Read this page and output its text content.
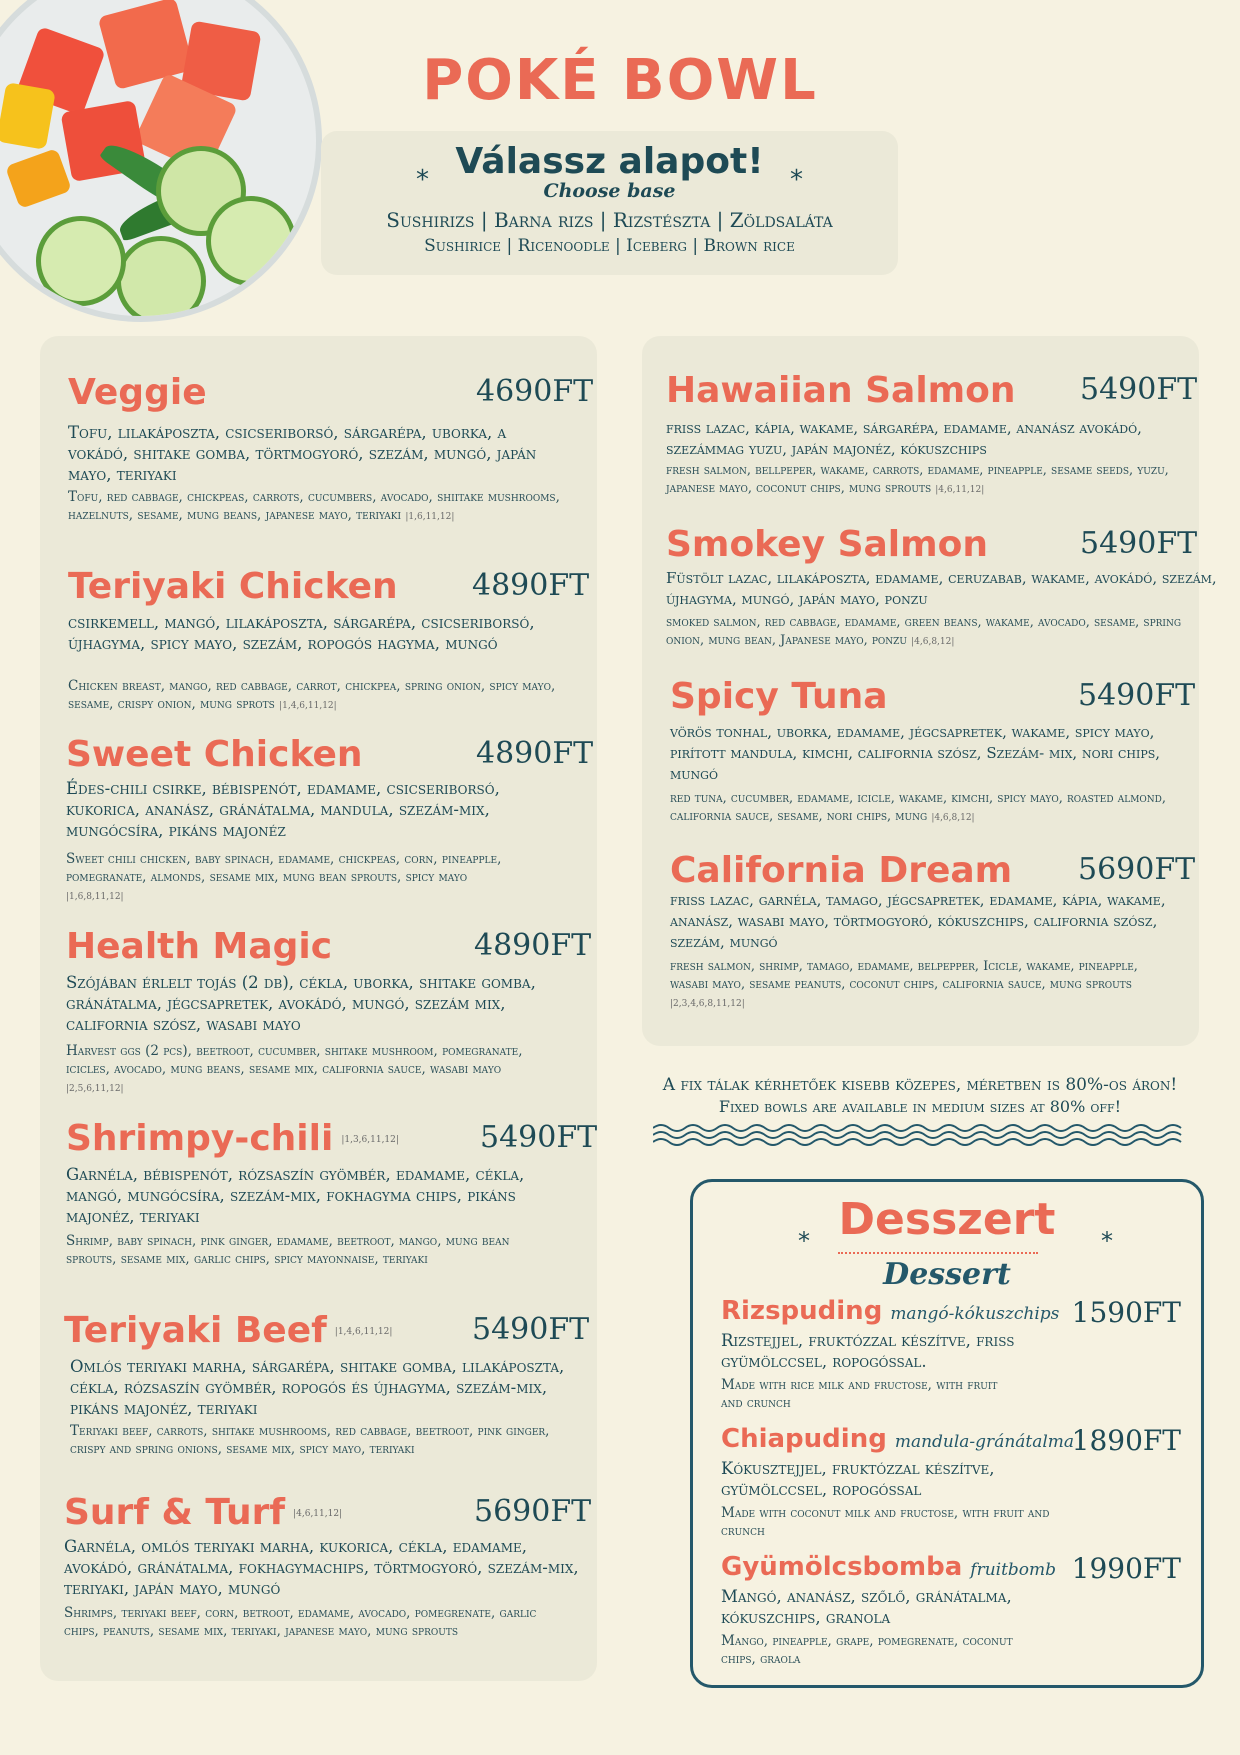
POKÉ BOWL
*	*
Válassz alapot!
Choose base
Sushirizs | Barna rizs | Rizstészta | Zöldsaláta
Sushirice | Ricenoodle | Iceberg | Brown rice
Veggie	4690FT
Tofu, lilakáposzta, csicseriborsó, sárgarépa, uborka, a vokádó, shitake gomba, törtmogyoró, szezám, mungó, japán mayo, teriyaki
Tofu, red cabbage, chickpeas, carrots, cucumbers, avocado, shiitake mushrooms, hazelnuts, sesame, mung beans, japanese mayo, teriyaki |1,6,11,12|
Teriyaki Chicken 4890FT
csirkemell, mangó, lilakáposzta, sárgarépa, csicseriborsó, újhagyma, spicy mayo, szezám, ropogós hagyma, mungó
Chicken breast, mango, red cabbage, carrot, chickpea, spring onion, spicy mayo, sesame, crispy onion, mung sprots |1,4,6,11,12|
Sweet Chicken	4890FT
Édes-chili csirke, bébispenót, edamame, csicseriborsó, kukorica, ananász, gránátalma, mandula, szezám-mix, mungócsíra, pikáns majonéz
Sweet chili chicken, baby spinach, edamame, chickpeas, corn, pineapple, pomegranate, almonds, sesame mix, mung bean sprouts, spicy mayo |1,6,8,11,12|
Health Magic	4890FT
Szójában érlelt tojás (2 db), cékla, uborka, shitake gomba, gránátalma, jégcsapretek, avokádó, mungó, szezám mix, california szósz, wasabi mayo
Harvest ggs (2 pcs), beetroot, cucumber, shitake mushroom, pomegranate, icicles, avocado, mung beans, sesame mix, california sauce, wasabi mayo |2,5,6,11,12|
Shrimpy-chili |1,3,6,11,12|	5490FT
Garnéla, bébispenót, rózsaszín gyömbér, edamame, cékla, mangó, mungócsíra, szezám-mix, fokhagyma chips, pikáns majonéz, teriyaki
Shrimp, baby spinach, pink ginger, edamame, beetroot, mango, mung bean sprouts, sesame mix, garlic chips, spicy mayonnaise, teriyaki
Teriyaki Beef |1,4,6,11,12|	5490FT
Omlós teriyaki marha, sárgarépa, shitake gomba, lilakáposzta, cékla, rózsaszín gyömbér, ropogós és újhagyma, szezám-mix, pikáns majonéz, teriyaki
Teriyaki beef, carrots, shitake mushrooms, red cabbage, beetroot, pink ginger, crispy and spring onions, sesame mix, spicy mayo, teriyaki
Surf & Turf |4,6,11,12|	5690FT
Garnéla, omlós teriyaki marha, kukorica, cékla, edamame, avokádó, gránátalma, fokhagymachips, törtmogyoró, szezám-mix, teriyaki, japán mayo, mungó
Shrimps, teriyaki beef, corn, betroot, edamame, avocado, pomegrenate, garlic chips, peanuts, sesame mix, teriyaki, japanese mayo, mung sprouts
Hawaiian Salmon 5490FT
friss lazac, kápia, wakame, sárgarépa, edamame, ananász avokádó, szezámmag yuzu, japán majonéz, kókuszchips
fresh salmon, bellpeper, wakame, carrots, edamame, pineapple, sesame seeds, yuzu, japanese mayo, coconut chips, mung sprouts |4,6,11,12|
Smokey Salmon	5490FT
Füstölt lazac, lilakáposzta, edamame, ceruzabab, wakame, avokádó, szezám, újhagyma, mungó, japán mayo, ponzu
smoked salmon, red cabbage, edamame, green beans, wakame, avocado, sesame, spring onion, mung bean, Japanese mayo, ponzu |4,6,8,12|
Spicy Tuna	5490FT
vörös tonhal, uborka, edamame, jégcsapretek, wakame, spicy mayo, pirított mandula, kimchi, california szósz, Szezám- mix, nori chips, mungó
red tuna, cucumber, edamame, icicle, wakame, kimchi, spicy mayo, roasted almond, california sauce, sesame, nori chips, mung |4,6,8,12|
California Dream 5690FT
friss lazac, garnéla, tamago, jégcsapretek, edamame, kápia, wakame, ananász, wasabi mayo, törtmogyoró, kókuszchips, california szósz, szezám, mungó
fresh salmon, shrimp, tamago, edamame, belpepper, Icicle, wakame, pineapple, wasabi mayo, sesame peanuts, coconut chips, california sauce, mung sprouts |2,3,4,6,8,11,12|
A fix tálak kérhetőek kisebb közepes, méretben is 80%-os áron!
Fixed bowls are available in medium sizes at 80% off!
Desszert
*	*
Dessert
Rizspuding mangó-kókuszchips 1590FT
Rizstejjel, fruktózzal készítve, friss gyümölccsel, ropogóssal.
Made with rice milk and fructose, with fruit and crunch
Chiapuding mandula-gránátalma
1890FT
Kókusztejjel, fruktózzal készítve, gyümölccsel, ropogóssal
Made with coconut milk and fructose, with fruit and crunch
Gyümölcsbomba fruitbomb 1990FT
Mangó, ananász, szőlő, gránátalma, kókuszchips, granola
Mango, pineapple, grape, pomegrenate, coconut chips, graola
